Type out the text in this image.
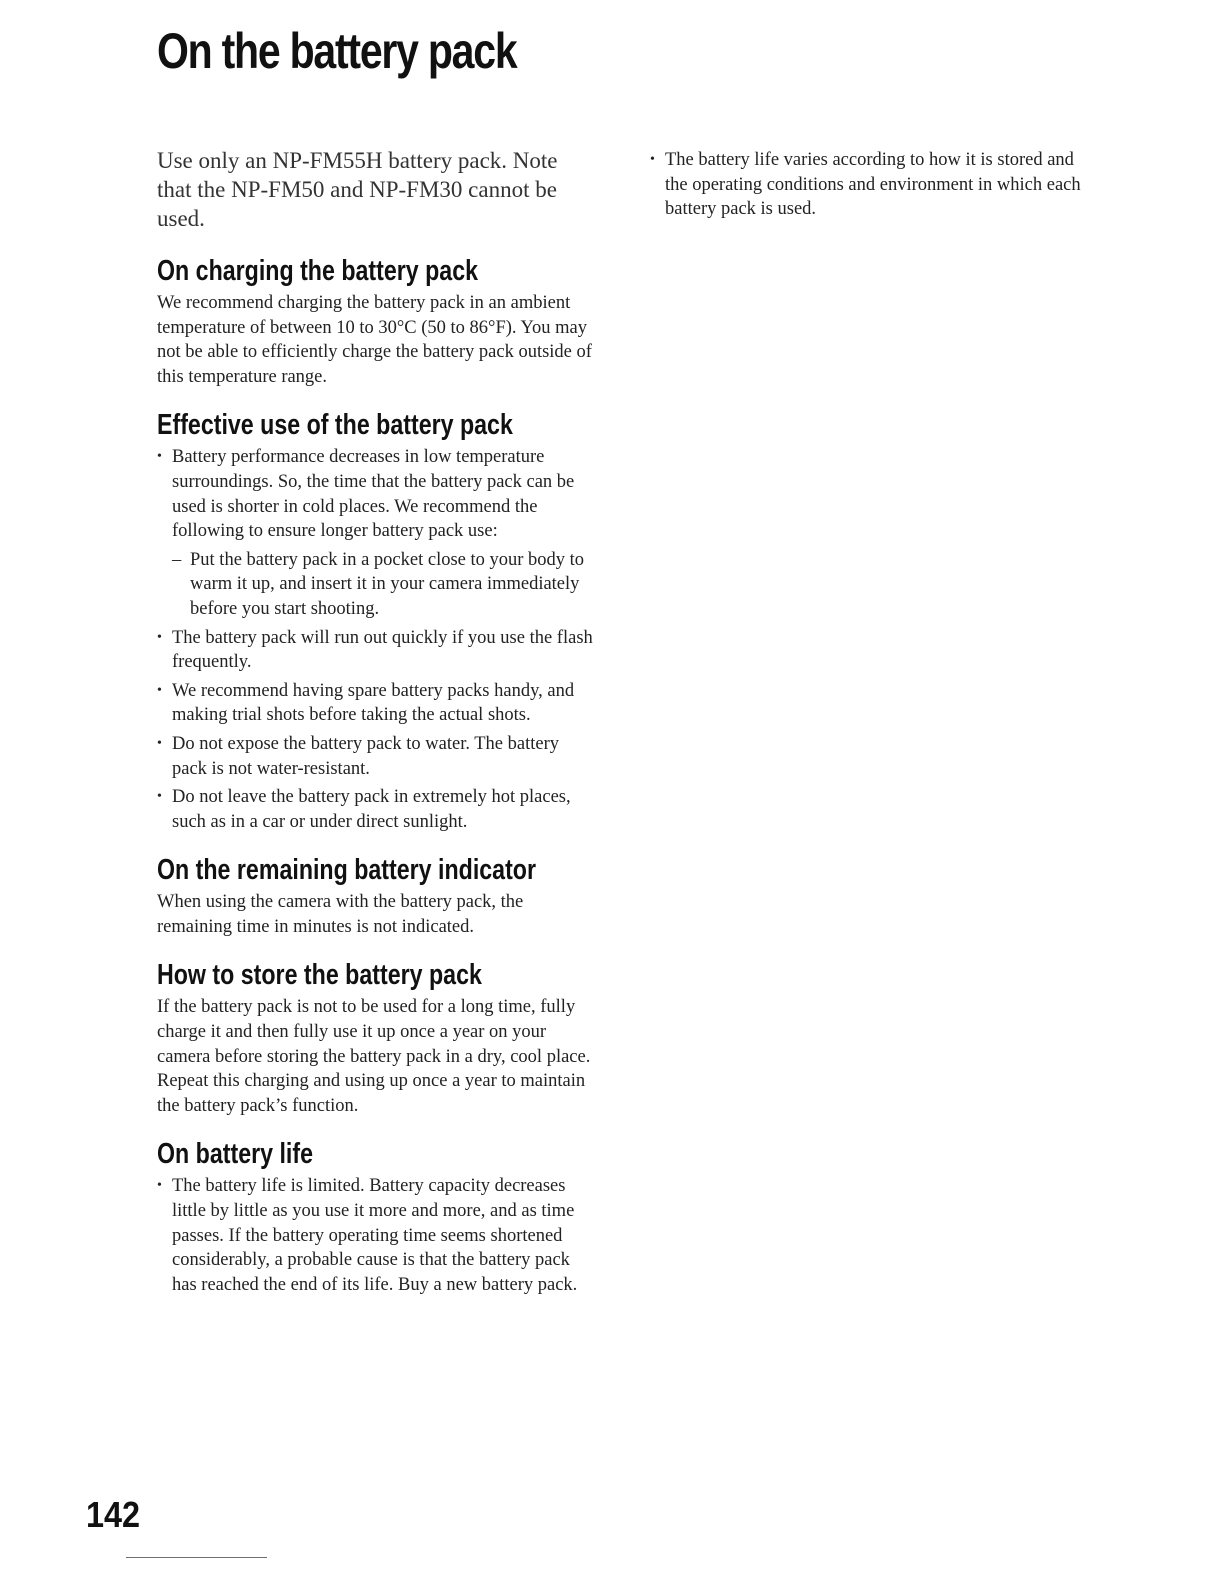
On the battery pack

Use only an NP-FM55H battery pack. Note that the NP-FM50 and NP-FM30 cannot be used.

On charging the battery pack

We recommend charging the battery pack in an ambient temperature of between 10 to 30°C (50 to 86°F). You may not be able to efficiently charge the battery pack outside of this temperature range.

Effective use of the battery pack
• Battery performance decreases in low temperature surroundings. So, the time that the battery pack can be used is shorter in cold places. We recommend the following to ensure longer battery pack use:
– Put the battery pack in a pocket close to your body to warm it up, and insert it in your camera immediately before you start shooting.
• The battery pack will run out quickly if you use the flash frequently.
• We recommend having spare battery packs handy, and making trial shots before taking the actual shots.
• Do not expose the battery pack to water. The battery pack is not water-resistant.
• Do not leave the battery pack in extremely hot places, such as in a car or under direct sunlight.
On the remaining battery indicator

When using the camera with the battery pack, the remaining time in minutes is not indicated.

How to store the battery pack

If the battery pack is not to be used for a long time, fully charge it and then fully use it up once a year on your camera before storing the battery pack in a dry, cool place. Repeat this charging and using up once a year to maintain the battery pack’s function.

On battery life
• The battery life is limited. Battery capacity decreases little by little as you use it more and more, and as time passes. If the battery operating time seems shortened considerably, a probable cause is that the battery pack has reached the end of its life. Buy a new battery pack.
• The battery life varies according to how it is stored and the operating conditions and environment in which each battery pack is used.
142
